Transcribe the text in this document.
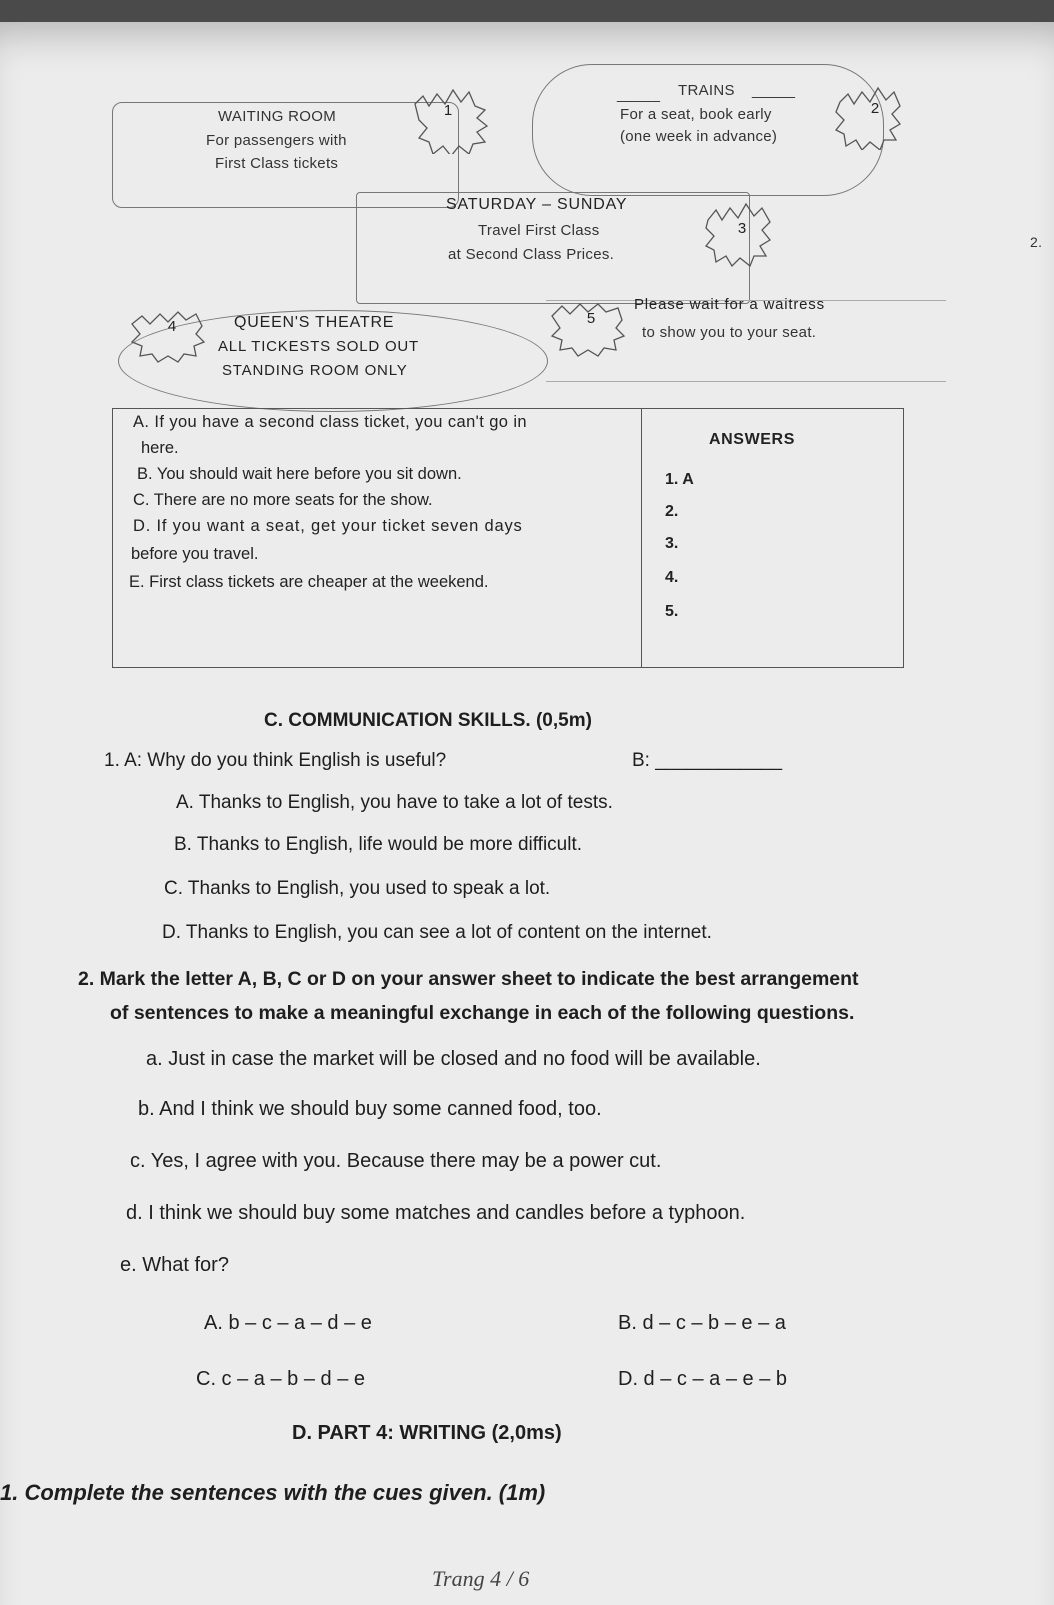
WAITING ROOM
For passengers with
First Class tickets
1
_____ TRAINS _____
For a seat, book early
(one week in advance)
2
SATURDAY – SUNDAY
Travel First Class
at Second Class Prices.
3
2.
4	QUEEN'S THEATRE
ALL TICKESTS SOLD OUT
STANDING ROOM ONLY
5
Please wait for a waitress
to show you to your seat.
A. If you have a second class ticket, you can't go in
here.
B. You should wait here before you sit down.
C. There are no more seats for the show.
D. If you want a seat, get your ticket seven days
before you travel.
E. First class tickets are cheaper at the weekend.
ANSWERS
1. A
2.
3.
4.
5.
C. COMMUNICATION SKILLS. (0,5m)
1. A: Why do you think English is useful?	B: ____________
A. Thanks to English, you have to take a lot of tests.
B. Thanks to English, life would be more difficult.
C. Thanks to English, you used to speak a lot.
D. Thanks to English, you can see a lot of content on the internet.
2. Mark the letter A, B, C or D on your answer sheet to indicate the best arrangement
of sentences to make a meaningful exchange in each of the following questions.
a. Just in case the market will be closed and no food will be available.
b. And I think we should buy some canned food, too.
c. Yes, I agree with you. Because there may be a power cut.
d. I think we should buy some matches and candles before a typhoon.
e. What for?
A. b – c – a – d – e	B. d – c – b – e – a
C. c – a – b – d – e	D. d – c – a – e – b
D. PART 4: WRITING (2,0ms)
1. Complete the sentences with the cues given. (1m)
Trang 4 / 6
